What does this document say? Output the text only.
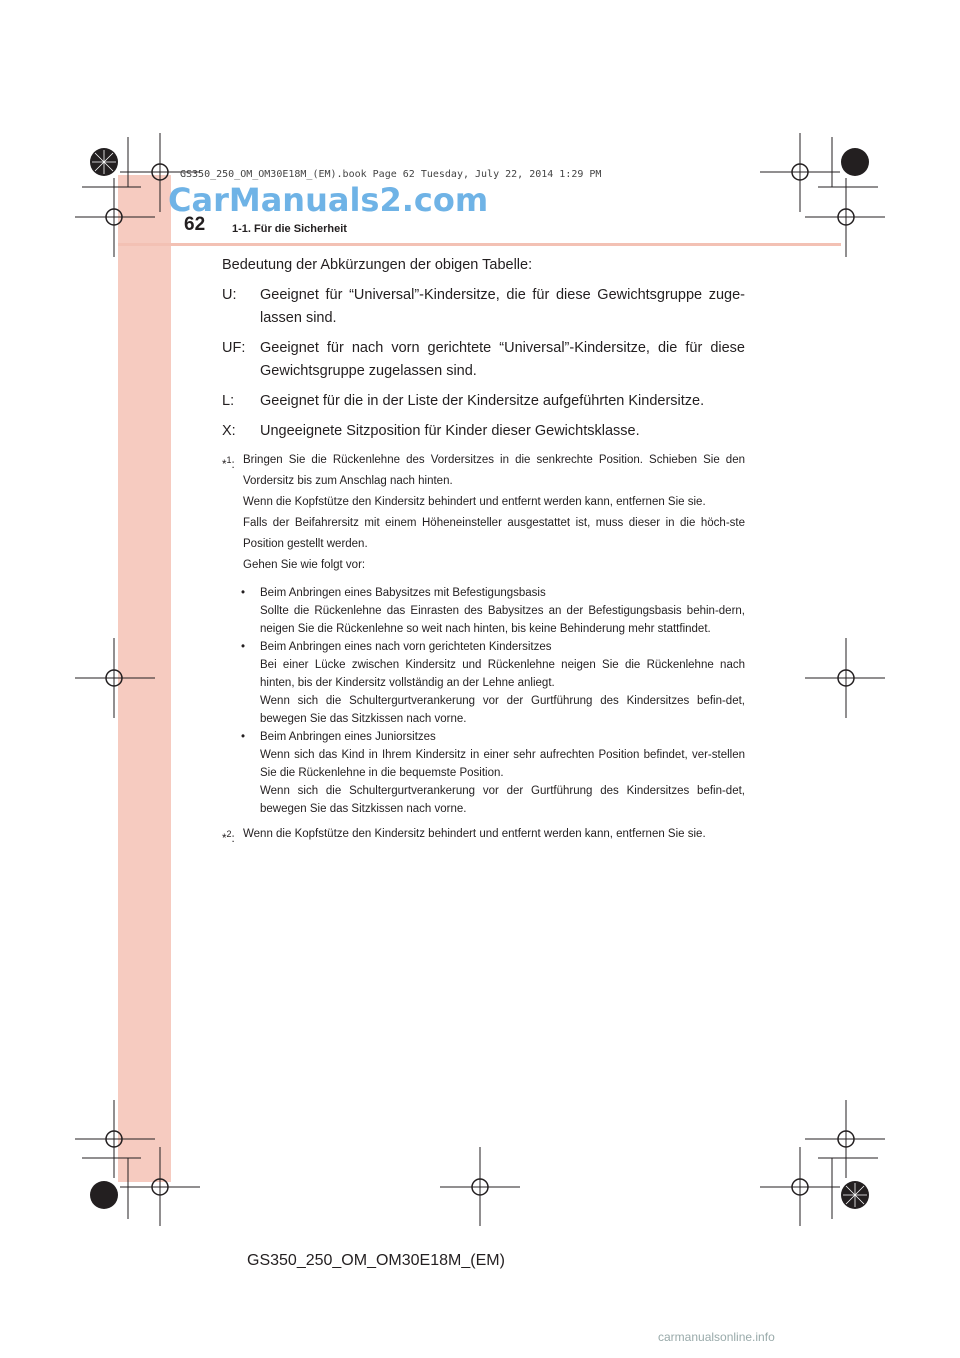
GS350_250_OM_OM30E18M_(EM).book Page 62 Tuesday, July 22, 2014 1:29 PM
CarManuals2.com
62 1-1. Für die Sicherheit

Bedeutung der Abkürzungen der obigen Tabelle:

U:	Geeignet für “Universal”-Kindersitze, die für diese Gewichtsgruppe zuge-lassen sind.
UF:	Geeignet für nach vorn gerichtete “Universal”-Kindersitze, die für diese Gewichtsgruppe zugelassen sind.
L:	Geeignet für die in der Liste der Kindersitze aufgeführten Kindersitze.
X:	Ungeeignete Sitzposition für Kinder dieser Gewichtsklasse.
*$^1$: Bringen Sie die Rückenlehne des Vordersitzes in die senkrechte Position. Schieben Sie den Vordersitz bis zum Anschlag nach hinten.

Wenn die Kopfstütze den Kindersitz behindert und entfernt werden kann, entfernen Sie sie.

Falls der Beifahrersitz mit einem Höheneinsteller ausgestattet ist, muss dieser in die höch-ste Position gestellt werden.

Gehen Sie wie folgt vor:

•	Beim Anbringen eines Babysitzes mit Befestigungsbasis

Sollte die Rückenlehne das Einrasten des Babysitzes an der Befestigungsbasis behin-dern, neigen Sie die Rückenlehne so weit nach hinten, bis keine Behinderung mehr stattfindet.

•	Beim Anbringen eines nach vorn gerichteten Kindersitzes

Bei einer Lücke zwischen Kindersitz und Rückenlehne neigen Sie die Rückenlehne nach hinten, bis der Kindersitz vollständig an der Lehne anliegt.

Wenn sich die Schultergurtverankerung vor der Gurtführung des Kindersitzes befin-det, bewegen Sie das Sitzkissen nach vorne.

•	Beim Anbringen eines Juniorsitzes

Wenn sich das Kind in Ihrem Kindersitz in einer sehr aufrechten Position befindet, ver-stellen Sie die Rückenlehne in die bequemste Position.

Wenn sich die Schultergurtverankerung vor der Gurtführung des Kindersitzes befin-det, bewegen Sie das Sitzkissen nach vorne.

*$^2$: Wenn die Kopfstütze den Kindersitz behindert und entfernt werden kann, entfernen Sie sie.

GS350_250_OM_OM30E18M_(EM)
carmanualsonline.info
